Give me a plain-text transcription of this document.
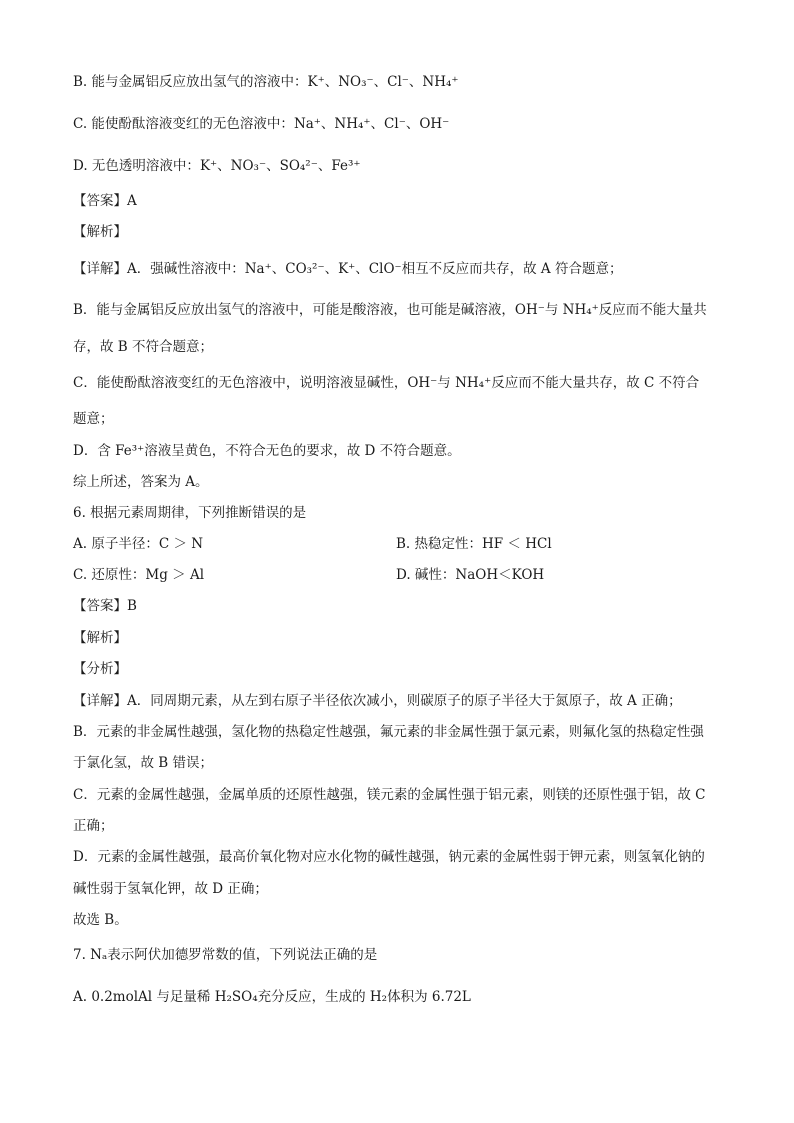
B. 能与金属铝反应放出氢气的溶液中：K⁺、NO₃⁻、Cl⁻、NH₄⁺
C. 能使酚酞溶液变红的无色溶液中：Na⁺、NH₄⁺、Cl⁻、OH⁻
D. 无色透明溶液中：K⁺、NO₃⁻、SO₄²⁻、Fe³⁺
【答案】A
【解析】
【详解】A．强碱性溶液中：Na⁺、CO₃²⁻、K⁺、ClO⁻相互不反应而共存，故 A 符合题意；
B．能与金属铝反应放出氢气的溶液中，可能是酸溶液，也可能是碱溶液，OH⁻与 NH₄⁺反应而不能大量共
存，故 B 不符合题意；
C．能使酚酞溶液变红的无色溶液中，说明溶液显碱性，OH⁻与 NH₄⁺反应而不能大量共存，故 C 不符合
题意；
D．含 Fe³⁺溶液呈黄色，不符合无色的要求，故 D 不符合题意。
综上所述，答案为 A。
6. 根据元素周期律，下列推断错误的是
A. 原子半径：C ＞ N	B. 热稳定性：HF ＜ HCl
C. 还原性：Mg ＞ Al	D. 碱性：NaOH＜KOH
【答案】B
【解析】
【分析】
【详解】A．同周期元素，从左到右原子半径依次减小，则碳原子的原子半径大于氮原子，故 A 正确；
B．元素的非金属性越强，氢化物的热稳定性越强，氟元素的非金属性强于氯元素，则氟化氢的热稳定性强
于氯化氢，故 B 错误；
C．元素的金属性越强，金属单质的还原性越强，镁元素的金属性强于铝元素，则镁的还原性强于铝，故 C
正确；
D．元素的金属性越强，最高价氧化物对应水化物的碱性越强，钠元素的金属性弱于钾元素，则氢氧化钠的
碱性弱于氢氧化钾，故 D 正确；
故选 B。
7. Nₐ表示阿伏加德罗常数的值，下列说法正确的是
A. 0.2molAl 与足量稀 H₂SO₄充分反应，生成的 H₂体积为 6.72L
